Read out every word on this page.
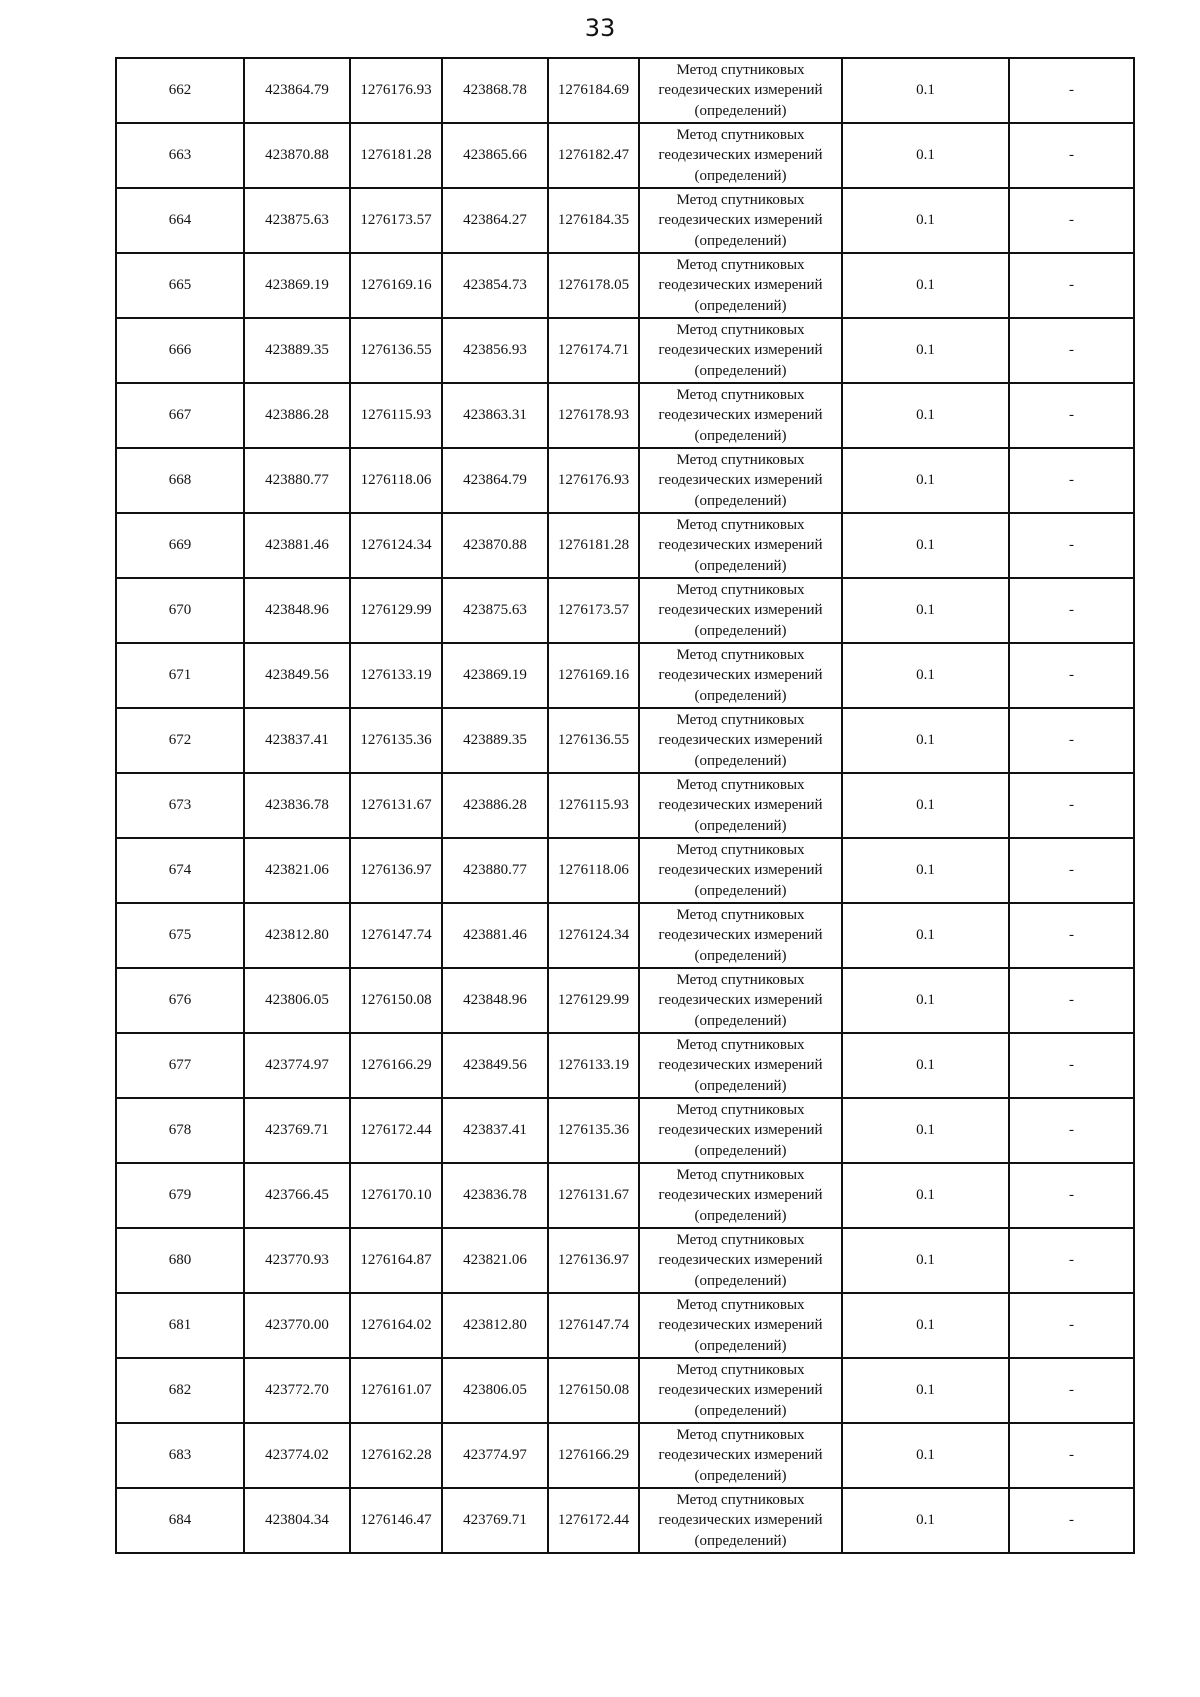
33
662	423864.79	1276176.93	423868.78	1276184.69	Метод спутниковых
геодезических измерений
(определений)	0.1	-
663	423870.88	1276181.28	423865.66	1276182.47	Метод спутниковых
геодезических измерений
(определений)	0.1	-
664	423875.63	1276173.57	423864.27	1276184.35	Метод спутниковых
геодезических измерений
(определений)	0.1	-
665	423869.19	1276169.16	423854.73	1276178.05	Метод спутниковых
геодезических измерений
(определений)	0.1	-
666	423889.35	1276136.55	423856.93	1276174.71	Метод спутниковых
геодезических измерений
(определений)	0.1	-
667	423886.28	1276115.93	423863.31	1276178.93	Метод спутниковых
геодезических измерений
(определений)	0.1	-
668	423880.77	1276118.06	423864.79	1276176.93	Метод спутниковых
геодезических измерений
(определений)	0.1	-
669	423881.46	1276124.34	423870.88	1276181.28	Метод спутниковых
геодезических измерений
(определений)	0.1	-
670	423848.96	1276129.99	423875.63	1276173.57	Метод спутниковых
геодезических измерений
(определений)	0.1	-
671	423849.56	1276133.19	423869.19	1276169.16	Метод спутниковых
геодезических измерений
(определений)	0.1	-
672	423837.41	1276135.36	423889.35	1276136.55	Метод спутниковых
геодезических измерений
(определений)	0.1	-
673	423836.78	1276131.67	423886.28	1276115.93	Метод спутниковых
геодезических измерений
(определений)	0.1	-
674	423821.06	1276136.97	423880.77	1276118.06	Метод спутниковых
геодезических измерений
(определений)	0.1	-
675	423812.80	1276147.74	423881.46	1276124.34	Метод спутниковых
геодезических измерений
(определений)	0.1	-
676	423806.05	1276150.08	423848.96	1276129.99	Метод спутниковых
геодезических измерений
(определений)	0.1	-
677	423774.97	1276166.29	423849.56	1276133.19	Метод спутниковых
геодезических измерений
(определений)	0.1	-
678	423769.71	1276172.44	423837.41	1276135.36	Метод спутниковых
геодезических измерений
(определений)	0.1	-
679	423766.45	1276170.10	423836.78	1276131.67	Метод спутниковых
геодезических измерений
(определений)	0.1	-
680	423770.93	1276164.87	423821.06	1276136.97	Метод спутниковых
геодезических измерений
(определений)	0.1	-
681	423770.00	1276164.02	423812.80	1276147.74	Метод спутниковых
геодезических измерений
(определений)	0.1	-
682	423772.70	1276161.07	423806.05	1276150.08	Метод спутниковых
геодезических измерений
(определений)	0.1	-
683	423774.02	1276162.28	423774.97	1276166.29	Метод спутниковых
геодезических измерений
(определений)	0.1	-
684	423804.34	1276146.47	423769.71	1276172.44	Метод спутниковых
геодезических измерений
(определений)	0.1	-
